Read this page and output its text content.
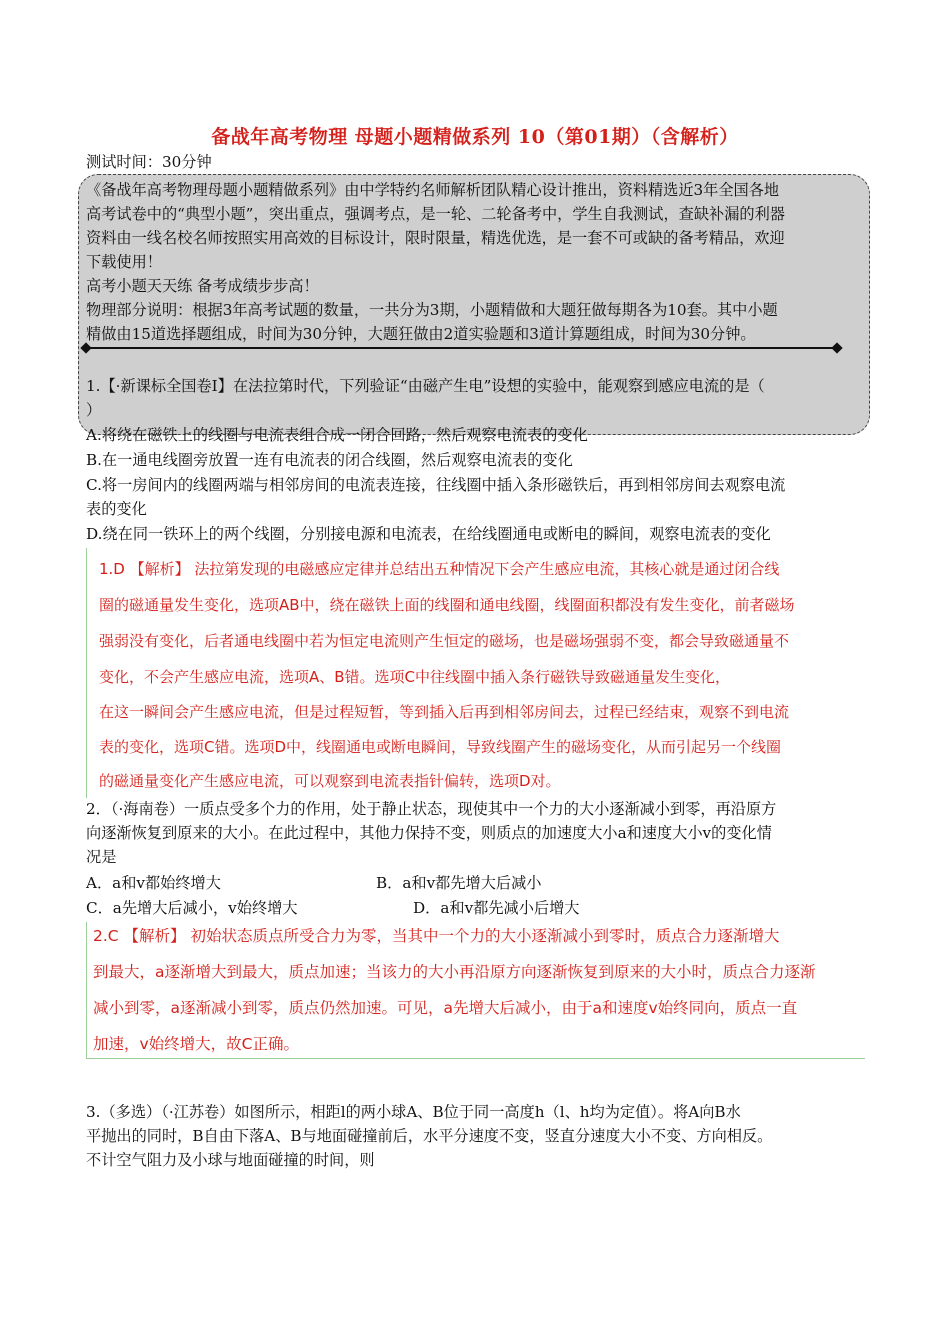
备战年高考物理 母题小题精做系列 10（第01期）（含解析）
测试时间：30分钟
《备战年高考物理母题小题精做系列》由中学特约名师解析团队精心设计推出，资料精选近3年全国各地
高考试卷中的“典型小题”，突出重点，强调考点，是一轮、二轮备考中，学生自我测试，查缺补漏的利器
资料由一线名校名师按照实用高效的目标设计，限时限量，精选优选，是一套不可或缺的备考精品，欢迎
下载使用！
高考小题天天练 备考成绩步步高！
物理部分说明：根据3年高考试题的数量，一共分为3期，小题精做和大题狂做每期各为10套。其中小题
精做由15道选择题组成，时间为30分钟，大题狂做由2道实验题和3道计算题组成，时间为30分钟。
1.【·新课标全国卷Ⅰ】在法拉第时代，下列验证“由磁产生电”设想的实验中，能观察到感应电流的是（
）
A.将绕在磁铁上的线圈与电流表组合成一闭合回路，然后观察电流表的变化
B.在一通电线圈旁放置一连有电流表的闭合线圈，然后观察电流表的变化
C.将一房间内的线圈两端与相邻房间的电流表连接，往线圈中插入条形磁铁后，再到相邻房间去观察电流
表的变化
D.绕在同一铁环上的两个线圈，分别接电源和电流表，在给线圈通电或断电的瞬间，观察电流表的变化
1.D 【解析】 法拉第发现的电磁感应定律并总结出五种情况下会产生感应电流，其核心就是通过闭合线
圈的磁通量发生变化，选项AB中，绕在磁铁上面的线圈和通电线圈，线圈面积都没有发生变化，前者磁场
强弱没有变化，后者通电线圈中若为恒定电流则产生恒定的磁场，也是磁场强弱不变，都会导致磁通量不
变化，不会产生感应电流，选项A、B错。选项C中往线圈中插入条行磁铁导致磁通量发生变化，
在这一瞬间会产生感应电流，但是过程短暂，等到插入后再到相邻房间去，过程已经结束，观察不到电流
表的变化，选项C错。选项D中，线圈通电或断电瞬间，导致线圈产生的磁场变化，从而引起另一个线圈
的磁通量变化产生感应电流，可以观察到电流表指针偏转，选项D对。
2．（·海南卷）一质点受多个力的作用，处于静止状态，现使其中一个力的大小逐渐减小到零，再沿原方
向逐渐恢复到原来的大小。在此过程中，其他力保持不变，则质点的加速度大小a和速度大小v的变化情
况是
A．a和v都始终增大	B．a和v都先增大后减小
C．a先增大后减小，v始终增大	D．a和v都先减小后增大
2.C 【解析】 初始状态质点所受合力为零，当其中一个力的大小逐渐减小到零时，质点合力逐渐增大
到最大，a逐渐增大到最大，质点加速；当该力的大小再沿原方向逐渐恢复到原来的大小时，质点合力逐渐
减小到零，a逐渐减小到零，质点仍然加速。可见，a先增大后减小，由于a和速度v始终同向，质点一直
加速，v始终增大，故C正确。
3.（多选）（·江苏卷）如图所示，相距l的两小球A、B位于同一高度h（l、h均为定值）。将A向B水
平抛出的同时，B自由下落A、B与地面碰撞前后，水平分速度不变，竖直分速度大小不变、方向相反。
不计空气阻力及小球与地面碰撞的时间，则
